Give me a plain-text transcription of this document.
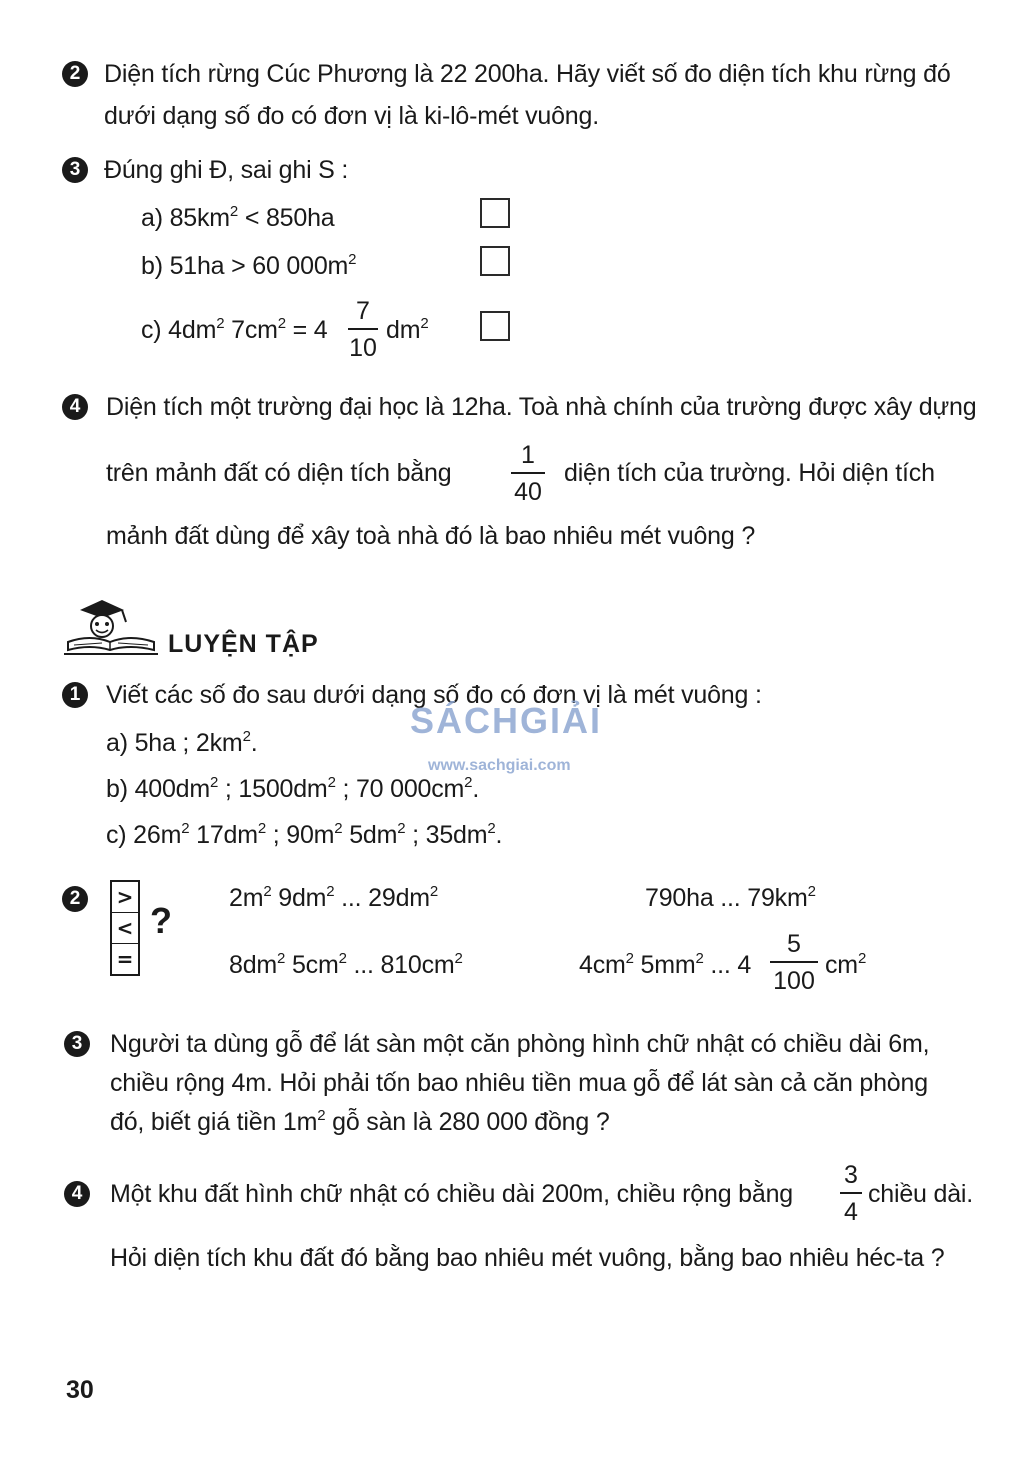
2 Diện tích rừng Cúc Phương là 22 200ha. Hãy viết số đo diện tích khu rừng đó
dưới dạng số đo có đơn vị là ki-lô-mét vuông.
3 Đúng ghi Đ, sai ghi S :
a) $85km^2 < 850ha$
b) 51ha > 60 $000m^2$
c) $4dm^2$ $7cm^2 = 4$
7
10
$dm^2$
4	Diện tích một trường đại học là 12ha. Toà nhà chính của trường được xây dựng
trên mảnh đất có diện tích bằng
1
40
diện tích của trường. Hỏi diện tích
mảnh đất dùng để xây toà nhà đó là bao nhiêu mét vuông ?
LUYỆN TẬP
1	Viết các số đo sau dưới dạng số đo có đơn vị là mét vuông :
a) 5ha ; $2km^2$.
b) $400dm^2$ ; $1500dm^2$ ; 70 $000cm^2$.
c) $26m^2$ $17dm^2$ ; $90m^2$ $5dm^2$ ; $35dm^2$.
SÁCHGIẢI
www.sachgiai.com
2	>
<
=
?
$2m^2$ $9dm^2$ ... $29dm^2$	790ha ... $79km^2$
$8dm^2$ $5cm^2$ ... $810cm^2$	$4cm^2$ $5mm^2$ ... 4
5
100
$cm^2$
3	Người ta dùng gỗ để lát sàn một căn phòng hình chữ nhật có chiều dài 6m,
chiều rộng 4m. Hỏi phải tốn bao nhiêu tiền mua gỗ để lát sàn cả căn phòng
đó, biết giá tiền $1m^2$ gỗ sàn là 280 000 đồng ?
4	Một khu đất hình chữ nhật có chiều dài 200m, chiều rộng bằng
3
4
chiều dài.
Hỏi diện tích khu đất đó bằng bao nhiêu mét vuông, bằng bao nhiêu héc-ta ?
30
